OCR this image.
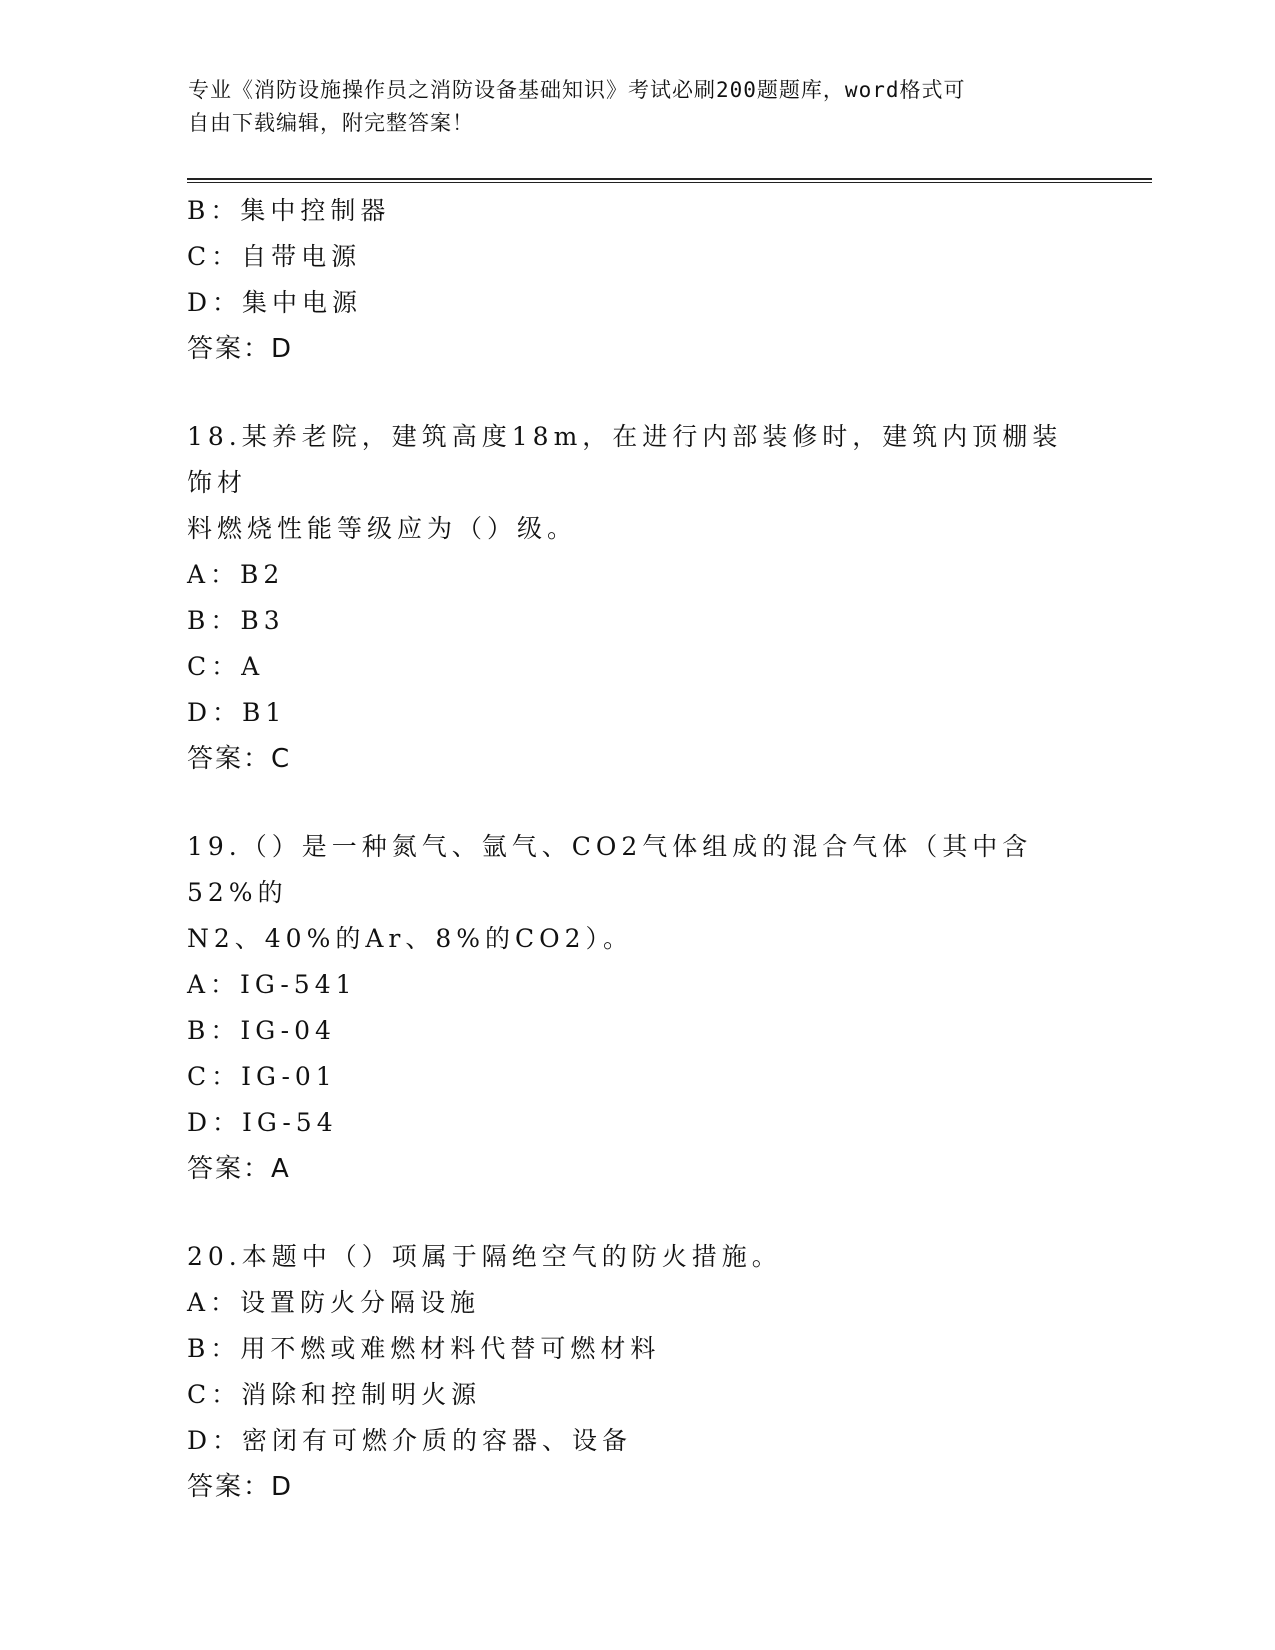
专业《消防设施操作员之消防设备基础知识》考试必刷200题题库，word格式可
自由下载编辑，附完整答案！
B：集中控制器
C：自带电源
D：集中电源
答案：D
18.某养老院，建筑高度18m，在进行内部装修时，建筑内顶棚装饰材
料燃烧性能等级应为（）级。
A：B2
B：B3
C：A
D：B1
答案：C
19.（）是一种氮气、氩气、CO2气体组成的混合气体（其中含52%的
N2、40%的Ar、8%的CO2）。
A：IG-541
B：IG-04
C：IG-01
D：IG-54
答案：A
20.本题中（）项属于隔绝空气的防火措施。
A：设置防火分隔设施
B：用不燃或难燃材料代替可燃材料
C：消除和控制明火源
D：密闭有可燃介质的容器、设备
答案：D
